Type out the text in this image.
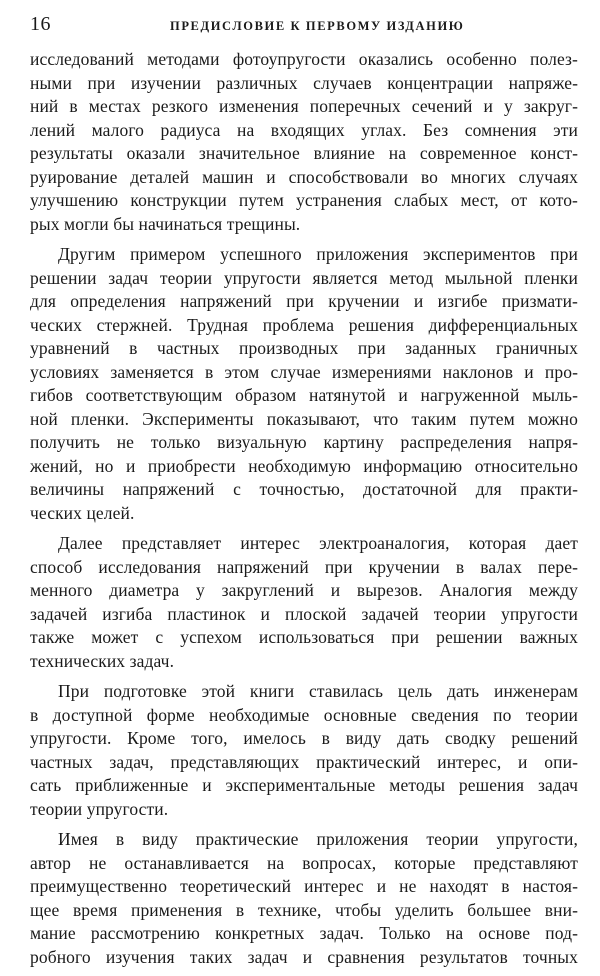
16	ПРЕДИСЛОВИЕ К ПЕРВОМУ ИЗДАНИЮ
исследований методами фотоупругости оказались особенно полез-
ными при изучении различных случаев концентрации напряже-
ний в местах резкого изменения поперечных сечений и у закруг-
лений малого радиуса на входящих углах. Без сомнения эти
результаты оказали значительное влияние на современное конст-
руирование деталей машин и способствовали во многих случаях
улучшению конструкции путем устранения слабых мест, от кото-
рых могли бы начинаться трещины.
Другим примером успешного приложения экспериментов при
решении задач теории упругости является метод мыльной пленки
для определения напряжений при кручении и изгибе призмати-
ческих стержней. Трудная проблема решения дифференциальных
уравнений в частных производных при заданных граничных
условиях заменяется в этом случае измерениями наклонов и про-
гибов соответствующим образом натянутой и нагруженной мыль-
ной пленки. Эксперименты показывают, что таким путем можно
получить не только визуальную картину распределения напря-
жений, но и приобрести необходимую информацию относительно
величины напряжений с точностью, достаточной для практи-
ческих целей.
Далее представляет интерес электроаналогия, которая дает
способ исследования напряжений при кручении в валах пере-
менного диаметра у закруглений и вырезов. Аналогия между
задачей изгиба пластинок и плоской задачей теории упругости
также может с успехом использоваться при решении важных
технических задач.
При подготовке этой книги ставилась цель дать инженерам
в доступной форме необходимые основные сведения по теории
упругости. Кроме того, имелось в виду дать сводку решений
частных задач, представляющих практический интерес, и опи-
сать приближенные и экспериментальные методы решения задач
теории упругости.
Имея в виду практические приложения теории упругости,
автор не останавливается на вопросах, которые представляют
преимущественно теоретический интерес и не находят в настоя-
щее время применения в технике, чтобы уделить большее вни-
мание рассмотрению конкретных задач. Только на основе под-
робного изучения таких задач и сравнения результатов точных
